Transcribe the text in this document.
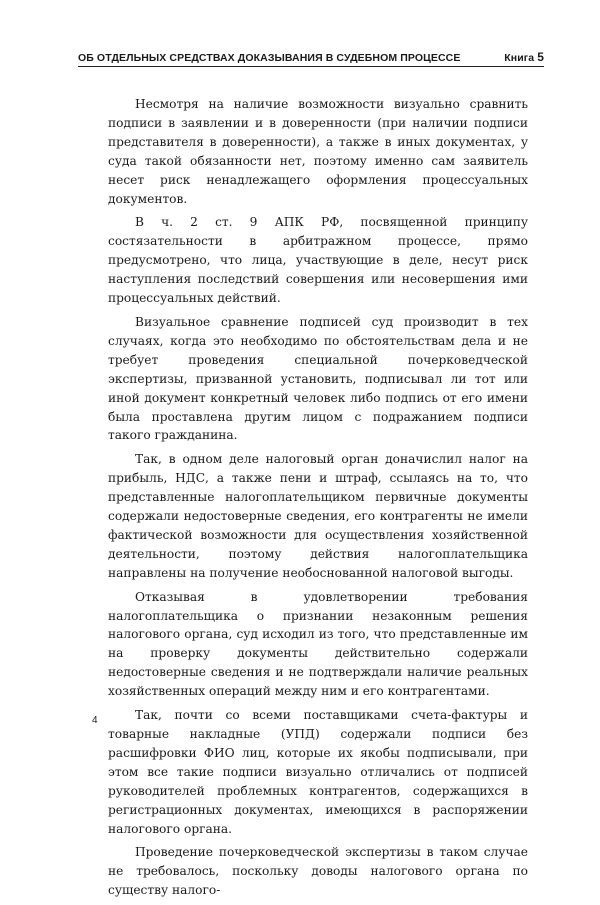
ОБ ОТДЕЛЬНЫХ СРЕДСТВАХ ДОКАЗЫВАНИЯ В СУДЕБНОМ ПРОЦЕССЕ	Книга 5

Несмотря на наличие возможности визуально сравнить подписи в заявлении и в доверенности (при наличии подписи представителя в доверенности), а также в иных документах, у суда такой обязанности нет, поэтому именно сам заявитель несет риск ненадлежащего оформления процессуальных документов.

В ч. 2 ст. 9 АПК РФ, посвященной принципу состязательности в арбитражном процессе, прямо предусмотрено, что лица, участвующие в деле, несут риск наступления последствий совершения или несовершения ими процессуальных действий.

Визуальное сравнение подписей суд производит в тех случаях, когда это необходимо по обстоятельствам дела и не требует проведения специальной почерковедческой экспертизы, призванной установить, подписывал ли тот или иной документ конкретный человек либо подпись от его имени была проставлена другим лицом с подражанием подписи такого гражданина.

Так, в одном деле налоговый орган доначислил налог на прибыль, НДС, а также пени и штраф, ссылаясь на то, что представленные налогоплательщиком первичные документы содержали недостоверные сведения, его контрагенты не имели фактической возможности для осуществления хозяйственной деятельности, поэтому действия налогоплательщика направлены на получение необоснованной налоговой выгоды.

Отказывая в удовлетворении требования налогоплательщика о признании незаконным решения налогового органа, суд исходил из того, что представленные им на проверку документы действительно содержали недостоверные сведения и не подтверждали наличие реальных хозяйственных операций между ним и его контрагентами.

Так, почти со всеми поставщиками счета-фактуры и товарные накладные (УПД) содержали подписи без расшифровки ФИО лиц, которые их якобы подписывали, при этом все такие подписи визуально отличались от подписей руководителей проблемных контрагентов, содержащихся в регистрационных документах, имеющихся в распоряжении налогового органа.

Проведение почерковедческой экспертизы в таком случае не требовалось, поскольку доводы налогового органа по существу налого-

4
